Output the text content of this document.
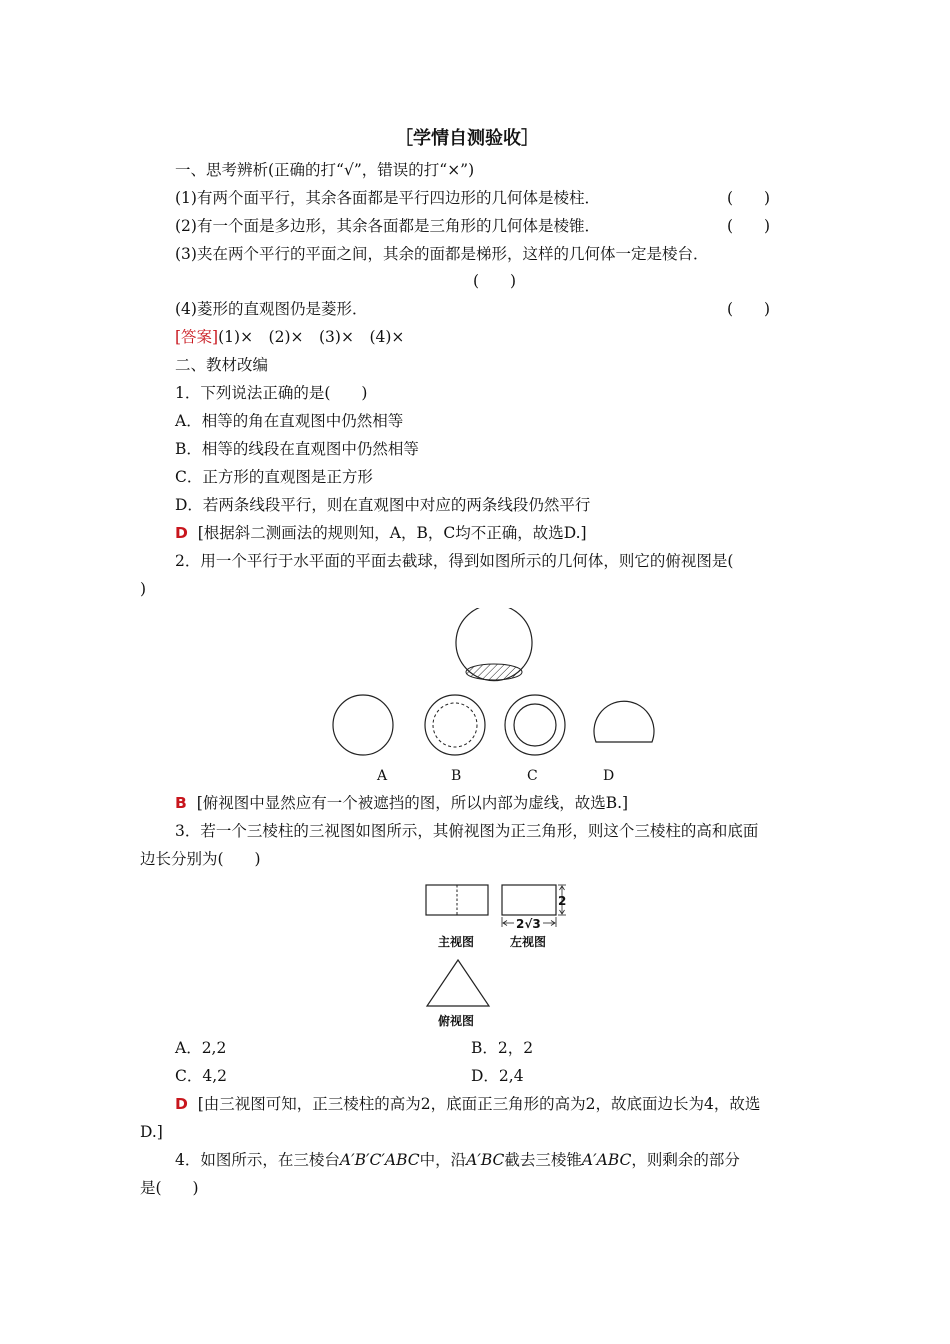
［学情自测验收］
一、思考辨析(正确的打“√”，错误的打“×”)
(1)有两个面平行，其余各面都是平行四边形的几何体是棱柱．	(　　)
(2)有一个面是多边形，其余各面都是三角形的几何体是棱锥．	(　　)
(3)夹在两个平行的平面之间，其余的面都是梯形，这样的几何体一定是棱台．
(　　)
(4)菱形的直观图仍是菱形．	(　　)
[答案](1)×　(2)×　(3)×　(4)×
二、教材改编
1．下列说法正确的是(　　)
A．相等的角在直观图中仍然相等
B．相等的线段在直观图中仍然相等
C．正方形的直观图是正方形
D．若两条线段平行，则在直观图中对应的两条线段仍然平行
D [根据斜二测画法的规则知，A，B，C均不正确，故选D.]
2．用一个平行于水平面的平面去截球，得到如图所示的几何体，则它的俯视图是(
)
A	B	C	D
B [俯视图中显然应有一个被遮挡的图，所以内部为虚线，故选B.]
3．若一个三棱柱的三视图如图所示，其俯视图为正三角形，则这个三棱柱的高和底面
边长分别为(　　)
2
2√3
主视图	左视图
俯视图
A．2,2	B．2，2
C．4,2	D．2,4
D [由三视图可知，正三棱柱的高为2，底面正三角形的高为2，故底面边长为4，故选
D.]
4．如图所示，在三棱台A′B′C′ABC中，沿A′BC截去三棱锥A′ABC，则剩余的部分
是(　　)
